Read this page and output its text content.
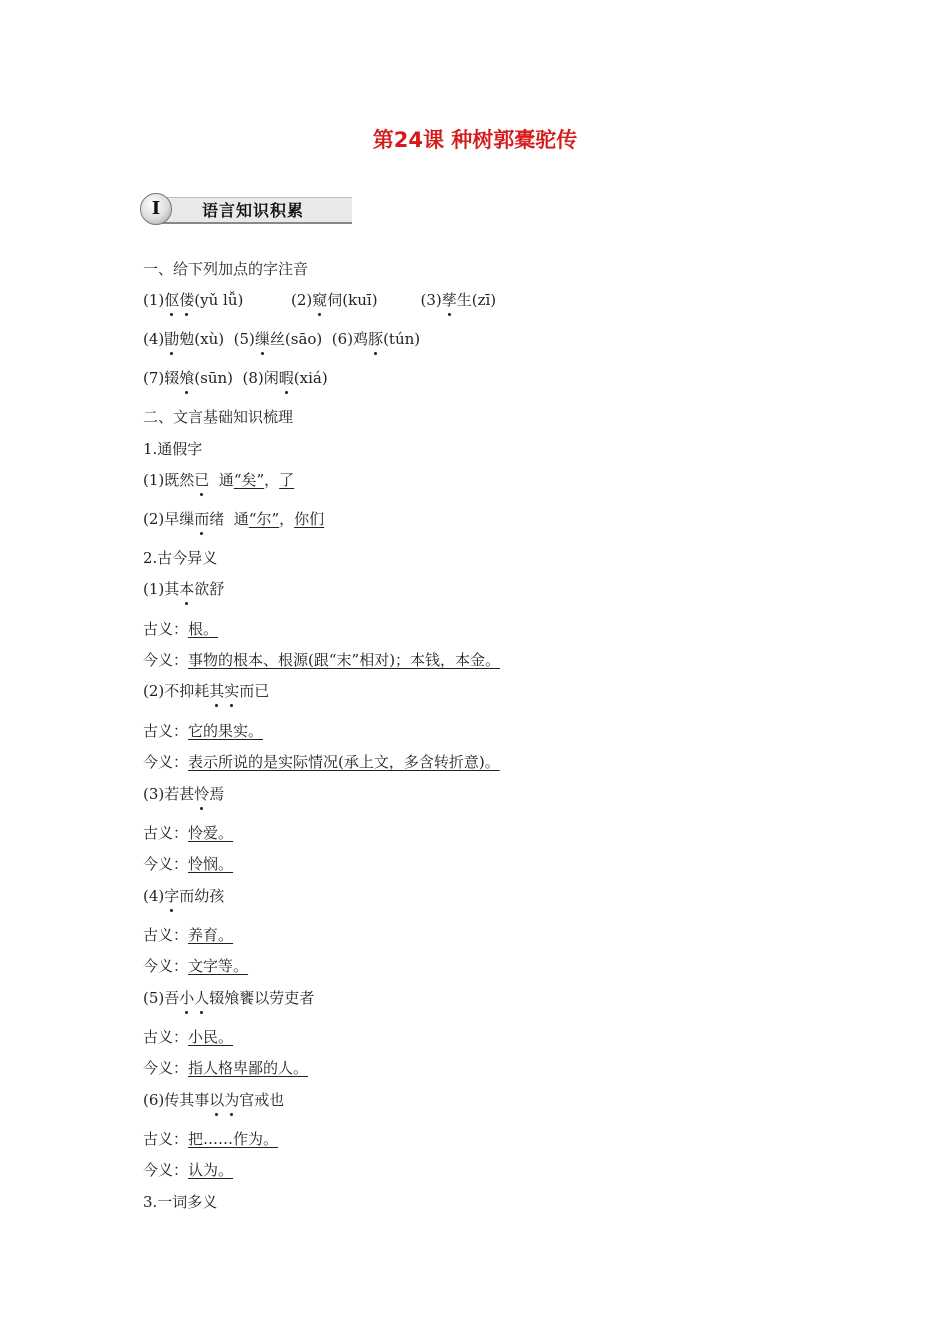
第24课 种树郭橐驼传
I	语言知识积累
一、给下列加点的字注音
(1)伛偻(yǔ lǚ)          (2)窥伺(kuī)         (3)孳生(zī)
(4)勖勉(xù)  (5)缫丝(sāo)  (6)鸡豚(tún)
(7)辍飧(sūn)  (8)闲暇(xiá)
二、文言基础知识梳理
1.通假字
(1)既然已  通“矣”，了
(2)早缫而绪  通“尔”，你们
2.古今异义
(1)其本欲舒
古义：根。
今义：事物的根本、根源(跟“末”相对)；本钱，本金。
(2)不抑耗其实而已
古义：它的果实。
今义：表示所说的是实际情况(承上文，多含转折意)。
(3)若甚怜焉
古义：怜爱。
今义：怜悯。
(4)字而幼孩
古义：养育。
今义：文字等。
(5)吾小人辍飧饔以劳吏者
古义：小民。
今义：指人格卑鄙的人。
(6)传其事以为官戒也
古义：把……作为。
今义：认为。
3.一词多义
